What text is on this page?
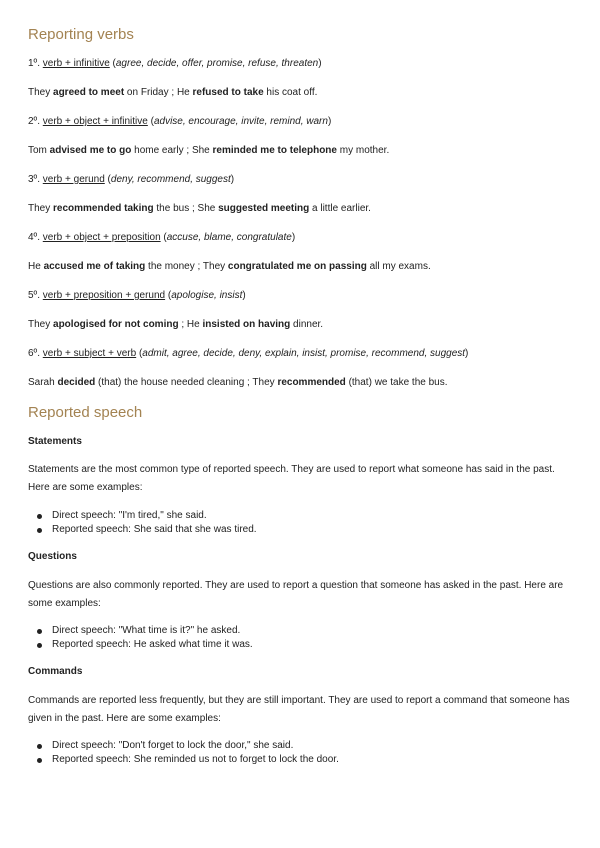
Reporting verbs
1º. verb + infinitive (agree, decide, offer, promise, refuse, threaten)
They agreed to meet on Friday ; He refused to take his coat off.
2º. verb + object + infinitive (advise, encourage, invite, remind, warn)
Tom advised me to go home early ; She reminded me to telephone my mother.
3º. verb + gerund (deny, recommend, suggest)
They recommended taking the bus ; She suggested meeting a little earlier.
4º. verb + object + preposition (accuse, blame, congratulate)
He accused me of taking the money ; They congratulated me on passing all my exams.
5º. verb + preposition + gerund (apologise, insist)
They apologised for not coming ; He insisted on having dinner.
6º. verb + subject + verb (admit, agree, decide, deny, explain, insist, promise, recommend, suggest)
Sarah decided (that) the house needed cleaning ; They recommended (that) we take the bus.
Reported speech
Statements
Statements are the most common type of reported speech. They are used to report what someone has said in the past. Here are some examples:
Direct speech: "I'm tired," she said.
Reported speech: She said that she was tired.
Questions
Questions are also commonly reported. They are used to report a question that someone has asked in the past. Here are some examples:
Direct speech: "What time is it?" he asked.
Reported speech: He asked what time it was.
Commands
Commands are reported less frequently, but they are still important. They are used to report a command that someone has given in the past. Here are some examples:
Direct speech: "Don't forget to lock the door," she said.
Reported speech: She reminded us not to forget to lock the door.
